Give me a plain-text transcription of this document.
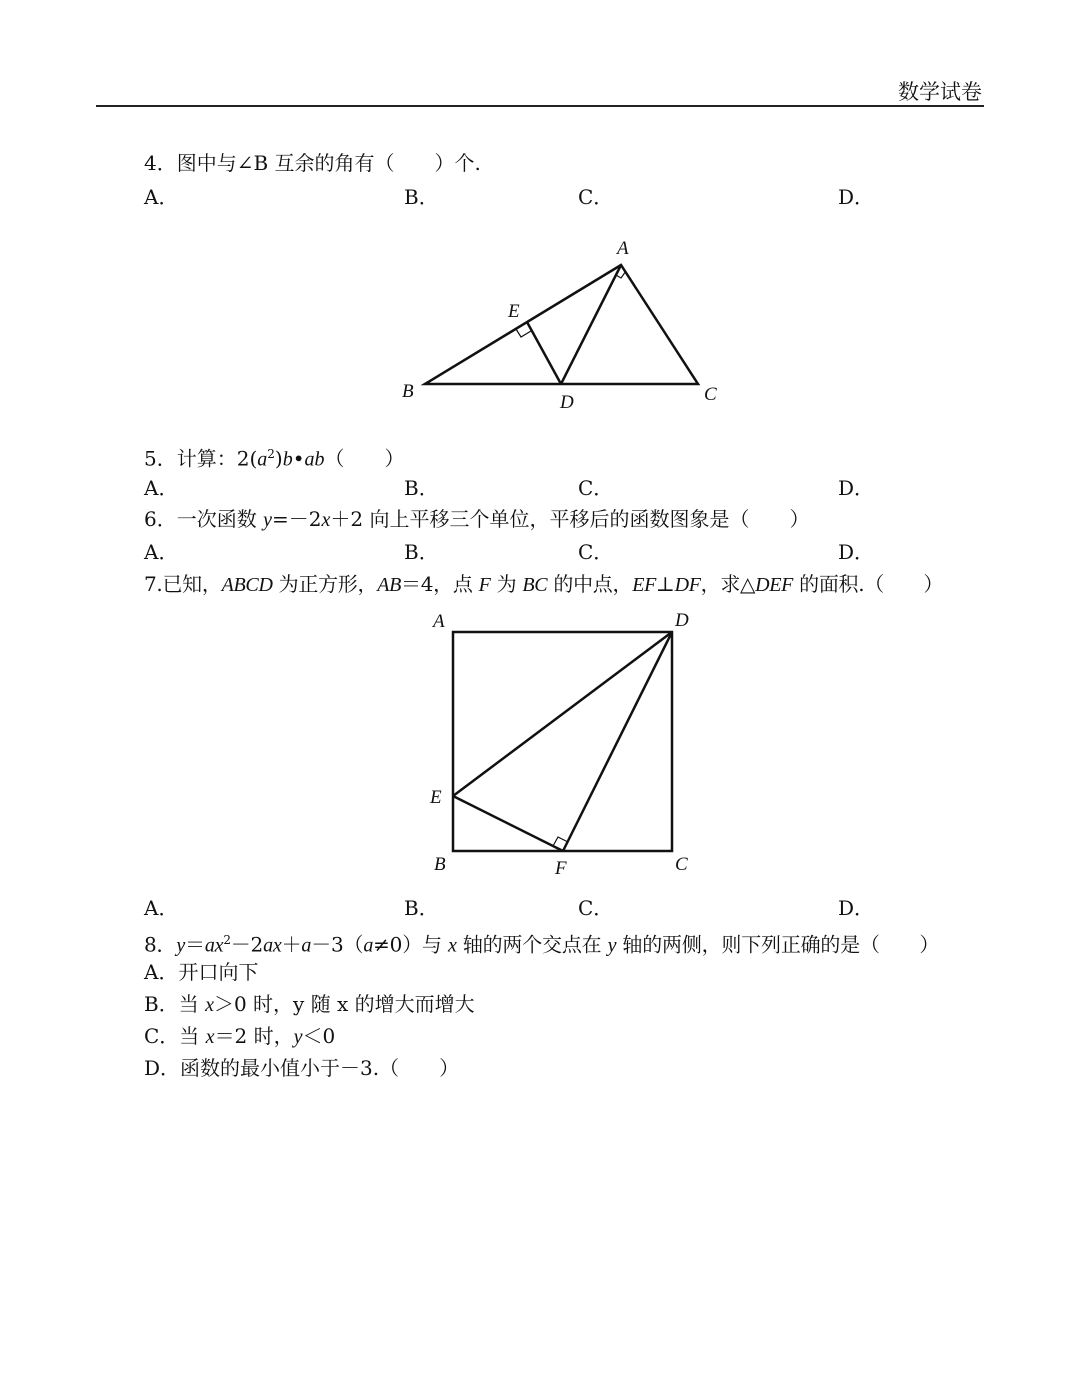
数学试卷
4．图中与∠B 互余的角有（　　）个.
A．	B．	C．	D．
A
B	C
D
E
5．计算：$2(a^2)b•ab$（　　）
A．	B．	C．	D．
6．一次函数 y=－2x＋2 向上平移三个单位，平移后的函数图象是（　　）
A．	B．	C．	D．
7.已知，ABCD 为正方形，AB＝4，点 F 为 BC 的中点，EF⊥DF，求△DEF 的面积.（　　）
A	D
E
B	F	C
A．	B．	C．	D．
8．$y=ax^2-2ax+a-3(a\ne 0)$与 x 轴的两个交点在 y 轴的两侧，则下列正确的是（　　）
A．开口向下
B．当 x＞0 时，y 随 x 的增大而增大
C．当 x＝2 时，y＜0
D．函数的最小值小于－3.（　　）
